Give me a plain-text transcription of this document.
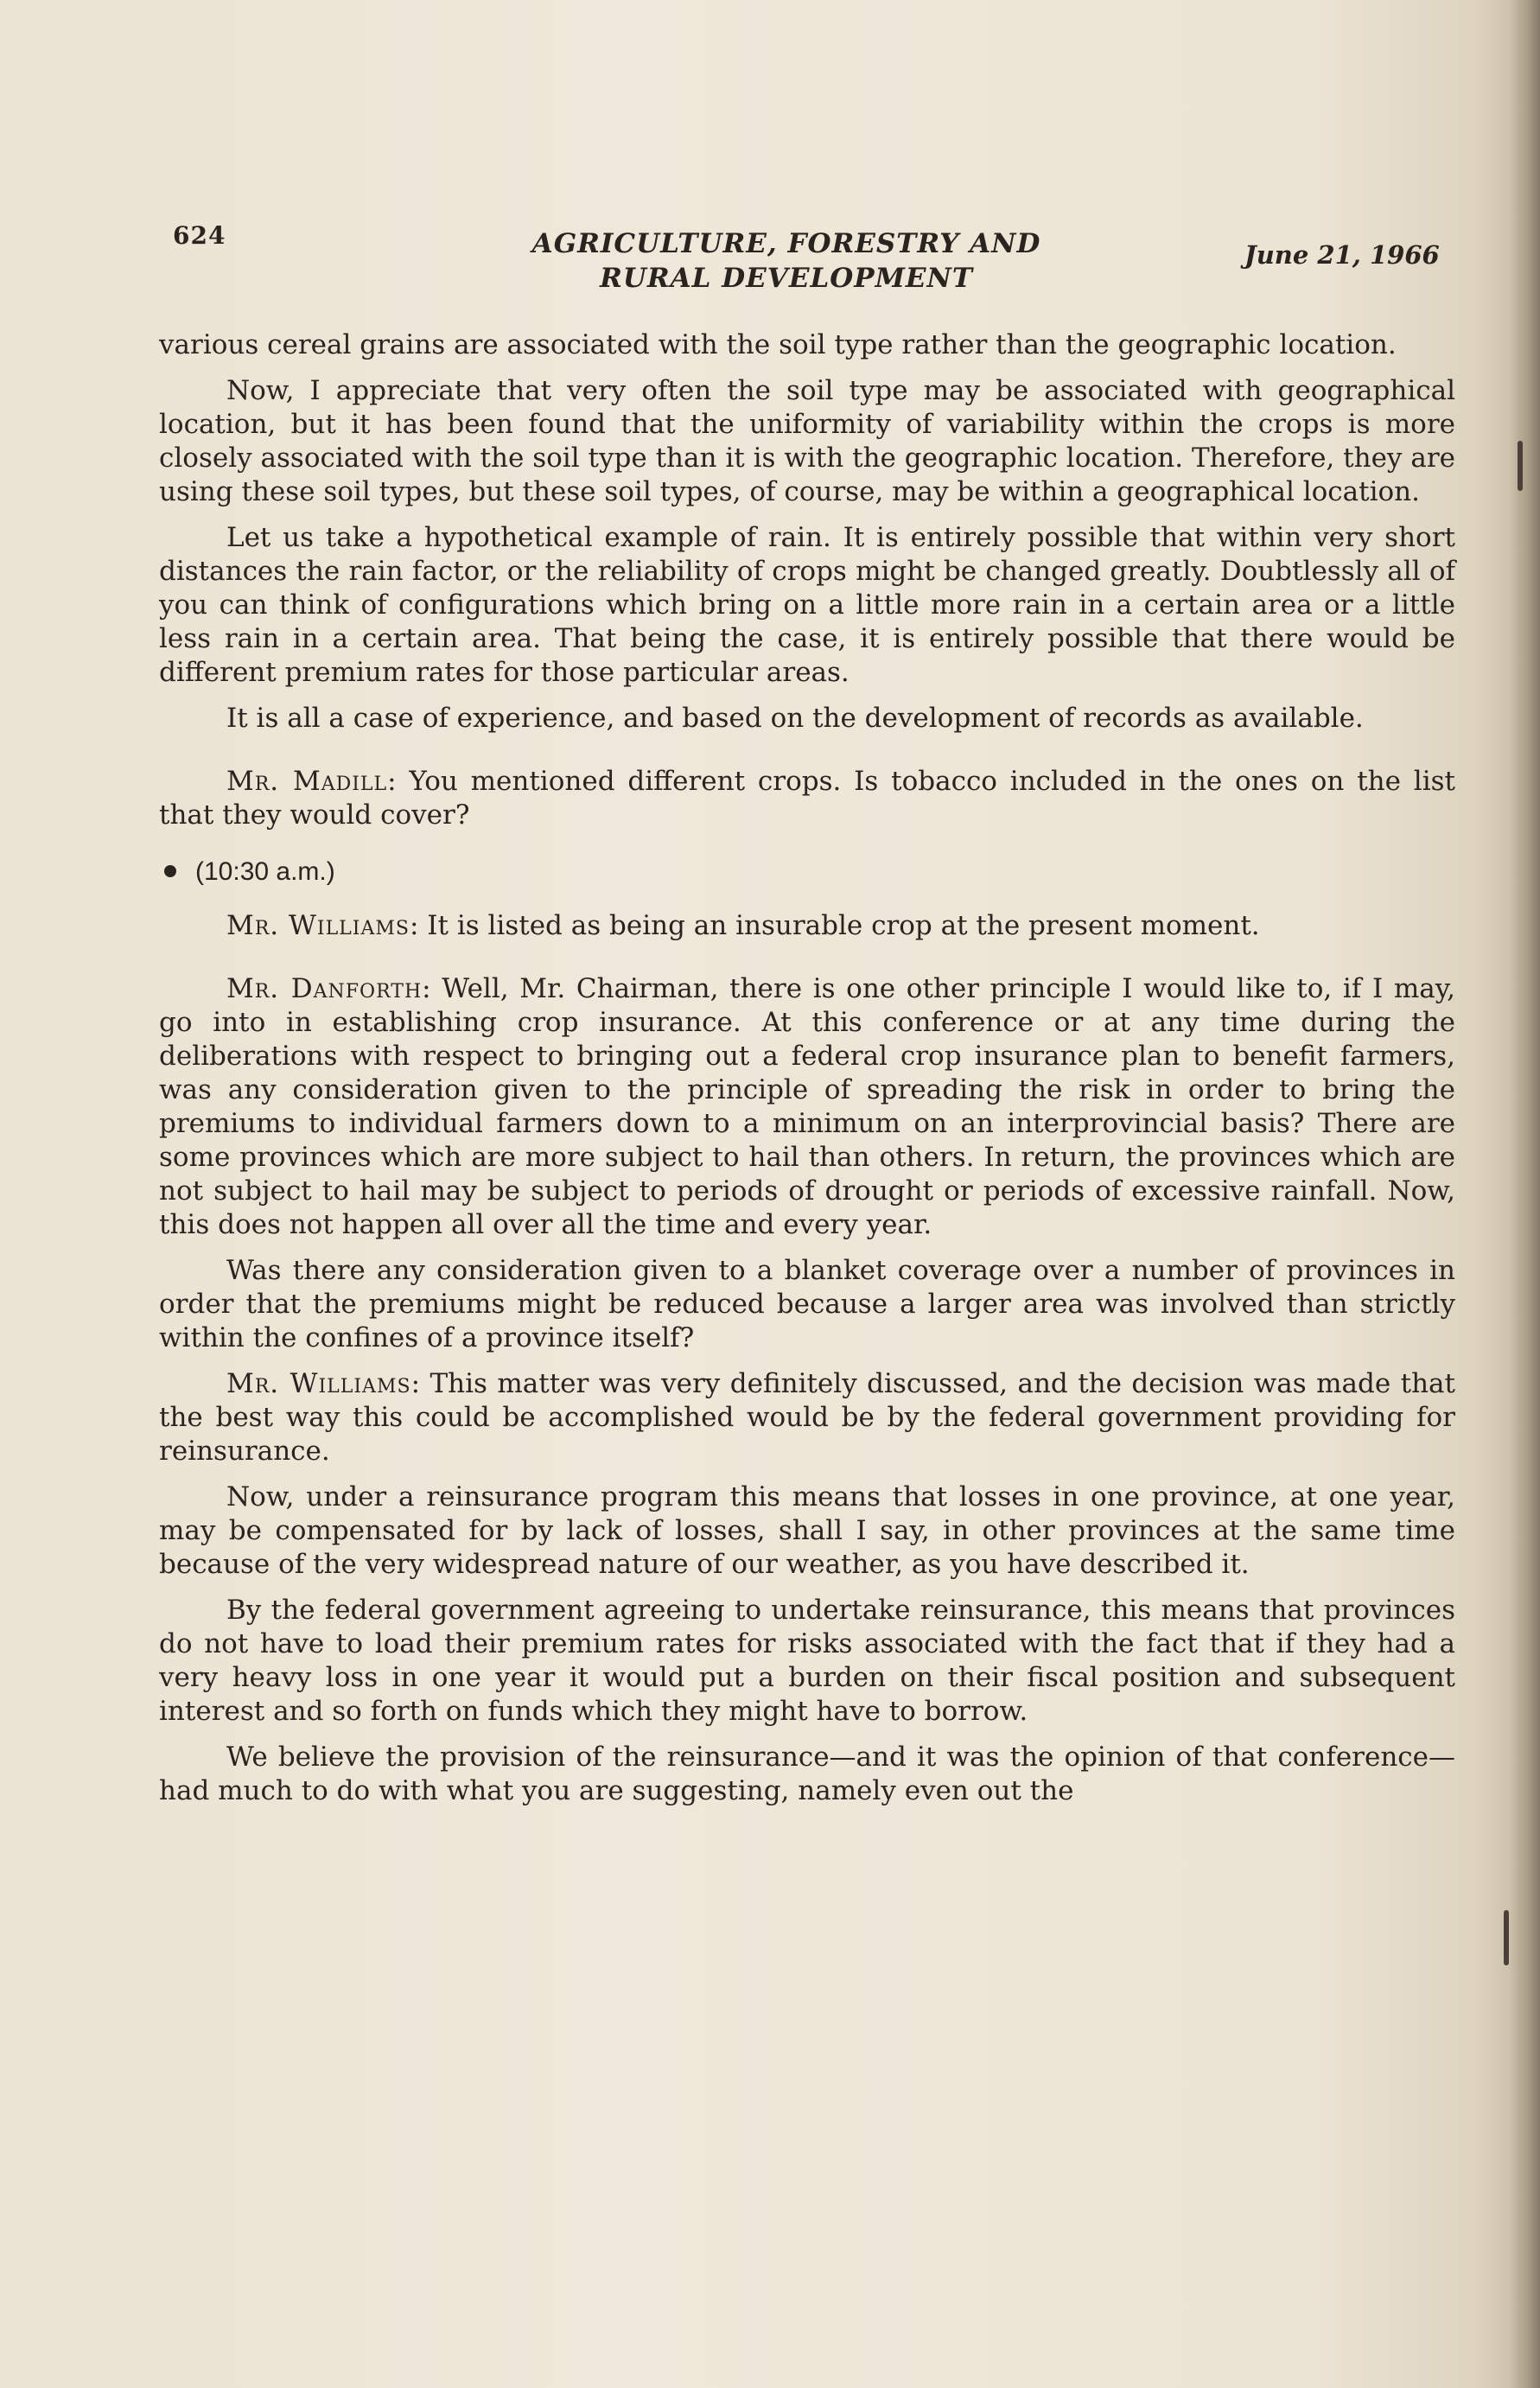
624	AGRICULTURE, FORESTRY AND
RURAL DEVELOPMENT
June 21, 1966

various cereal grains are associated with the soil type rather than the geographic location.

Now, I appreciate that very often the soil type may be associated with geographical location, but it has been found that the uniformity of variability within the crops is more closely associated with the soil type than it is with the geographic location. Therefore, they are using these soil types, but these soil types, of course, may be within a geographical location.

Let us take a hypothetical example of rain. It is entirely possible that within very short distances the rain factor, or the reliability of crops might be changed greatly. Doubtlessly all of you can think of configurations which bring on a little more rain in a certain area or a little less rain in a certain area. That being the case, it is entirely possible that there would be different premium rates for those particular areas.

It is all a case of experience, and based on the development of records as available.

Mr. Madill: You mentioned different crops. Is tobacco included in the ones on the list that they would cover?

(10:30 a.m.)

Mr. Williams: It is listed as being an insurable crop at the present moment.

Mr. Danforth: Well, Mr. Chairman, there is one other principle I would like to, if I may, go into in establishing crop insurance. At this conference or at any time during the deliberations with respect to bringing out a federal crop insurance plan to benefit farmers, was any consideration given to the principle of spreading the risk in order to bring the premiums to individual farmers down to a minimum on an interprovincial basis? There are some provinces which are more subject to hail than others. In return, the provinces which are not subject to hail may be subject to periods of drought or periods of excessive rainfall. Now, this does not happen all over all the time and every year.

Was there any consideration given to a blanket coverage over a number of provinces in order that the premiums might be reduced because a larger area was involved than strictly within the confines of a province itself?

Mr. Williams: This matter was very definitely discussed, and the decision was made that the best way this could be accomplished would be by the federal government providing for reinsurance.

Now, under a reinsurance program this means that losses in one province, at one year, may be compensated for by lack of losses, shall I say, in other provinces at the same time because of the very widespread nature of our weather, as you have described it.

By the federal government agreeing to undertake reinsurance, this means that provinces do not have to load their premium rates for risks associated with the fact that if they had a very heavy loss in one year it would put a burden on their fiscal position and subsequent interest and so forth on funds which they might have to borrow.

We believe the provision of the reinsurance—and it was the opinion of that conference—had much to do with what you are suggesting, namely even out the
